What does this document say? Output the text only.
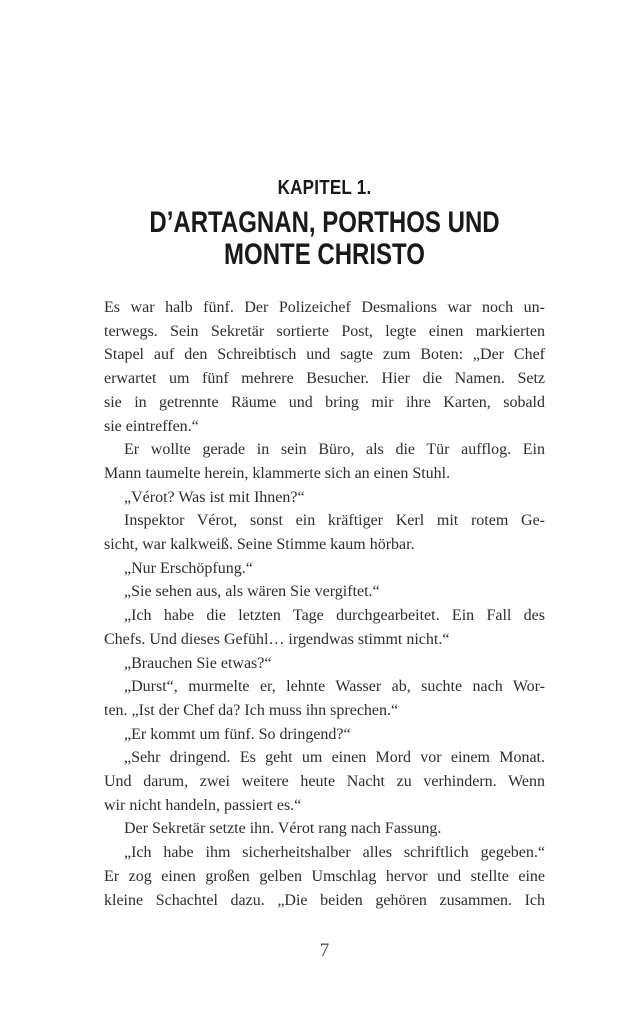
KAPITEL 1.
D’ARTAGNAN, PORTHOS UND
MONTE CHRISTO
Es war halb fünf. Der Polizeichef Desmalions war noch un-
terwegs. Sein Sekretär sortierte Post, legte einen markierten
Stapel auf den Schreibtisch und sagte zum Boten: „Der Chef
erwartet um fünf mehrere Besucher. Hier die Namen. Setz
sie in getrennte Räume und bring mir ihre Karten, sobald
sie eintreffen.“
Er wollte gerade in sein Büro, als die Tür aufflog. Ein
Mann taumelte herein, klammerte sich an einen Stuhl.
„Vérot? Was ist mit Ihnen?“
Inspektor Vérot, sonst ein kräftiger Kerl mit rotem Ge-
sicht, war kalkweiß. Seine Stimme kaum hörbar.
„Nur Erschöpfung.“
„Sie sehen aus, als wären Sie vergiftet.“
„Ich habe die letzten Tage durchgearbeitet. Ein Fall des
Chefs. Und dieses Gefühl… irgendwas stimmt nicht.“
„Brauchen Sie etwas?“
„Durst“, murmelte er, lehnte Wasser ab, suchte nach Wor-
ten. „Ist der Chef da? Ich muss ihn sprechen.“
„Er kommt um fünf. So dringend?“
„Sehr dringend. Es geht um einen Mord vor einem Monat.
Und darum, zwei weitere heute Nacht zu verhindern. Wenn
wir nicht handeln, passiert es.“
Der Sekretär setzte ihn. Vérot rang nach Fassung.
„Ich habe ihm sicherheitshalber alles schriftlich gegeben.“
Er zog einen großen gelben Umschlag hervor und stellte eine
kleine Schachtel dazu. „Die beiden gehören zusammen. Ich
7
